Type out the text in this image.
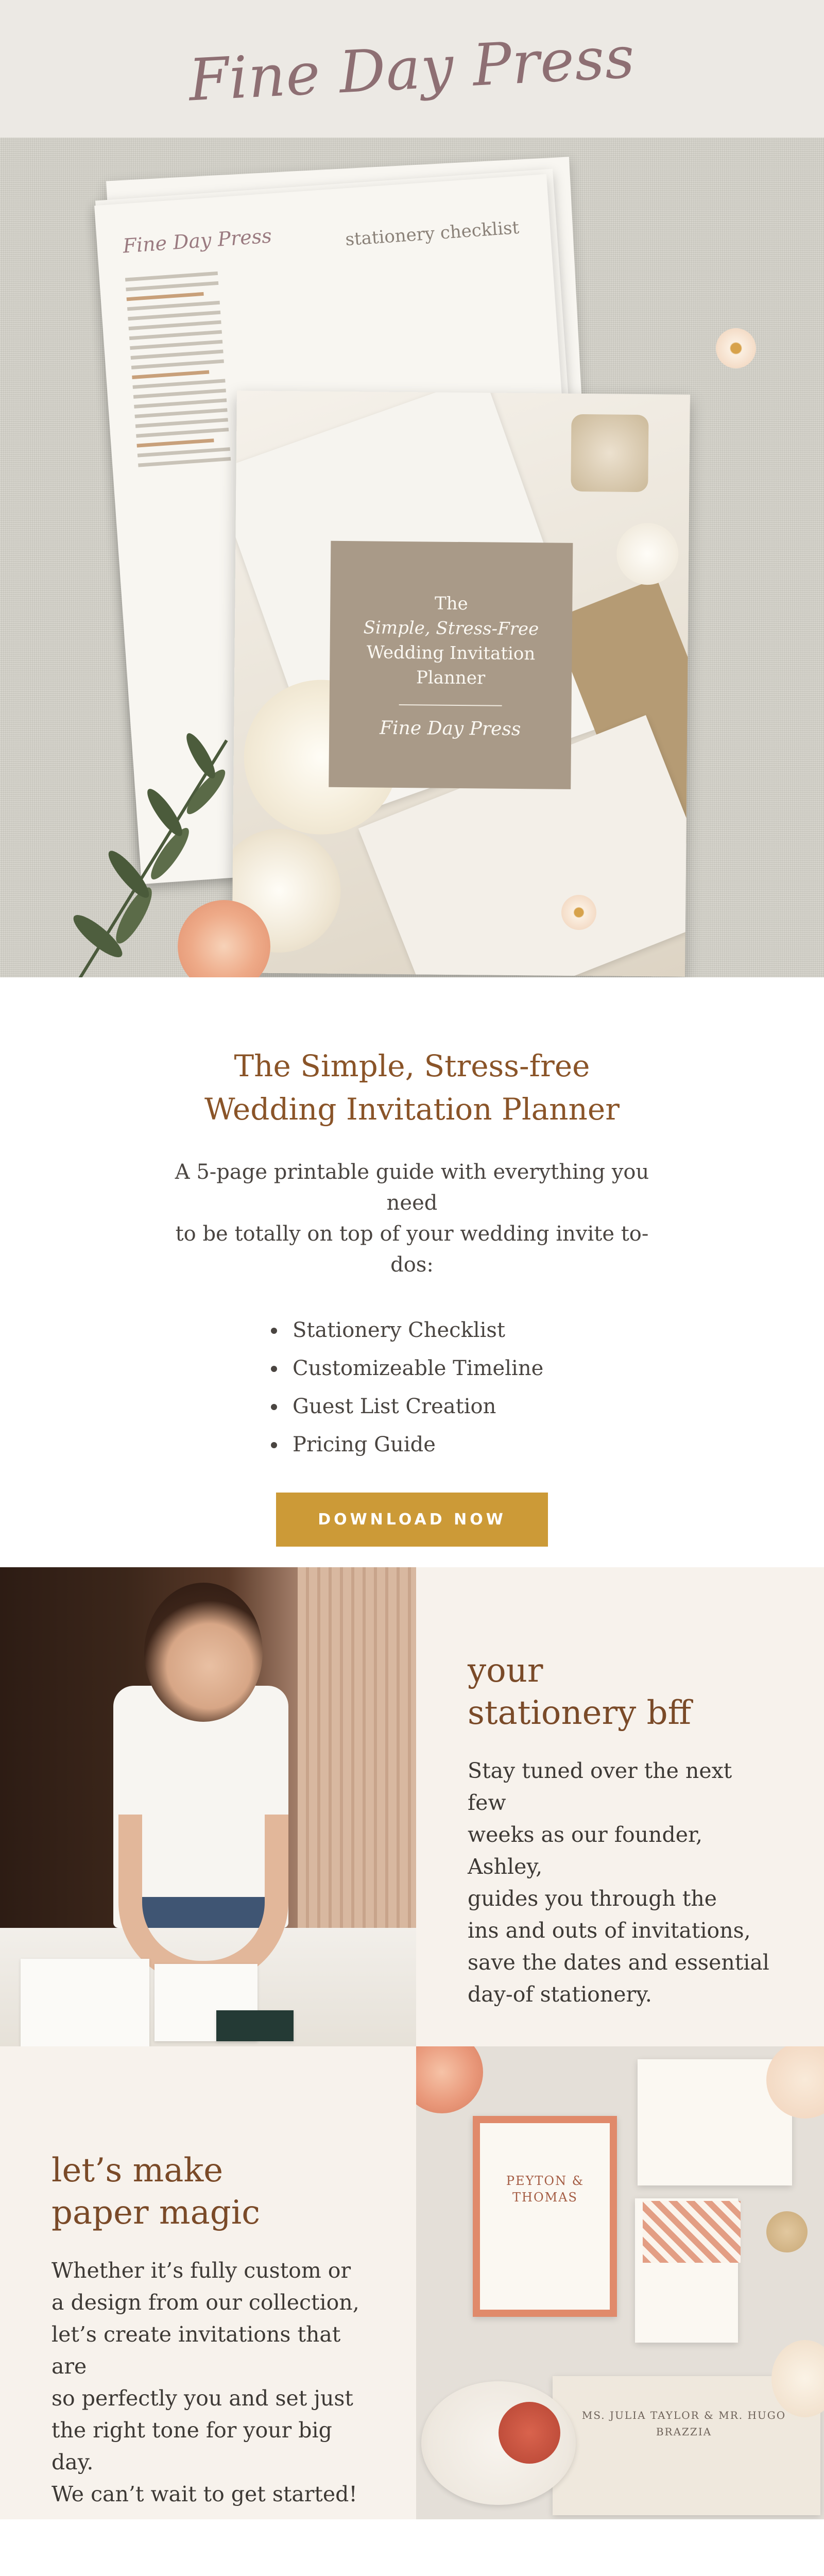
Fine Day Press
Fine Day Press	stationery checklist
The
Simple, Stress-Free
Wedding Invitation
Planner
Fine Day Press
The Simple, Stress-free
Wedding Invitation Planner
A 5-page printable guide with everything you need
to be totally on top of your wedding invite to-dos:
Stationery Checklist
Customizeable Timeline
Guest List Creation
Pricing Guide
DOWNLOAD NOW
your
stationery bff
Stay tuned over the next few
weeks as our founder, Ashley,
guides you through the
ins and outs of invitations,
save the dates and essential
day-of stationery.
let’s make
paper magic
Whether it’s fully custom or
a design from our collection,
let’s create invitations that are
so perfectly you and set just
the right tone for your big day.
We can’t wait to get started!
PEYTON & THOMAS
MS. JULIA TAYLOR & MR. HUGO BRAZZIA
